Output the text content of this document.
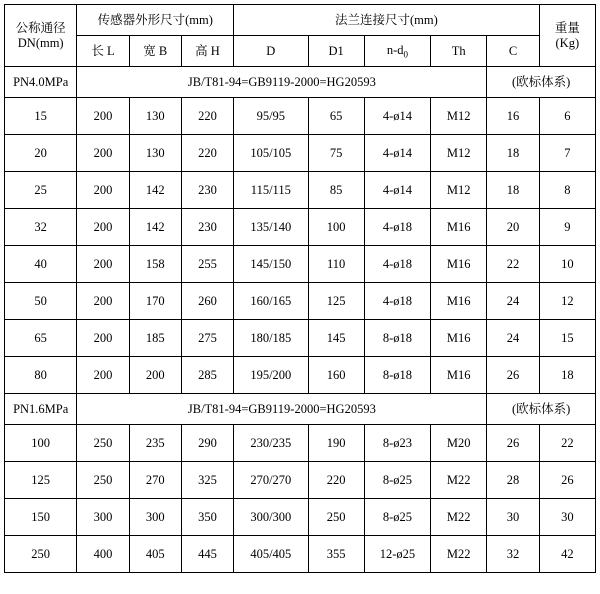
公称通径
DN(mm)	传感器外形尺寸(mm)			法兰连接尺寸(mm)					重量
(Kg)

	长 L	宽 B	高 H	D	D1	$n-d_0$	Th	C	
PN4.0MPa	JB/T81-94=GB9119-2000=HG20593							(欧标体系)	
15	200	130	220	95/95	65	4-ø14	M12	16	6
20	200	130	220	105/105	75	4-ø14	M12	18	7
25	200	142	230	115/115	85	4-ø14	M12	18	8
32	200	142	230	135/140	100	4-ø18	M16	20	9
40	200	158	255	145/150	110	4-ø18	M16	22	10
50	200	170	260	160/165	125	4-ø18	M16	24	12
65	200	185	275	180/185	145	8-ø18	M16	24	15
80	200	200	285	195/200	160	8-ø18	M16	26	18
PN1.6MPa	JB/T81-94=GB9119-2000=HG20593							(欧标体系)	
100	250	235	290	230/235	190	8-ø23	M20	26	22
125	250	270	325	270/270	220	8-ø25	M22	28	26
150	300	300	350	300/300	250	8-ø25	M22	30	30
250	400	405	445	405/405	355	12-ø25	M22	32	42
